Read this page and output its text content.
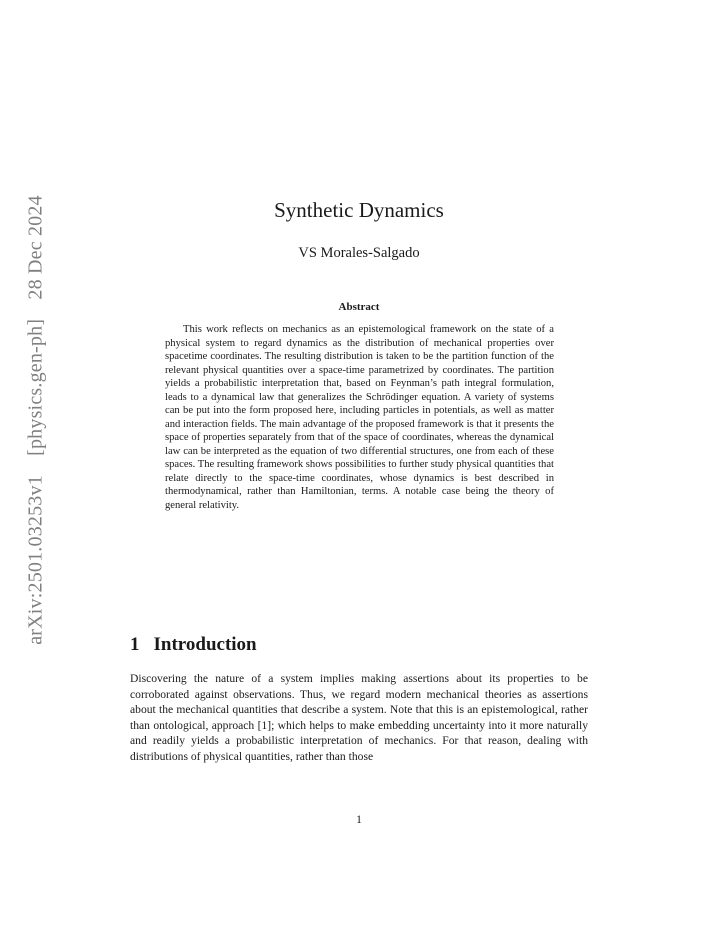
arXiv:2501.03253v1 [physics.gen-ph] 28 Dec 2024	Synthetic Dynamics
VS Morales-Salgado
Abstract

This work reflects on mechanics as an epistemological framework on the state of a physical system to regard dynamics as the distribution of mechanical properties over spacetime coordinates. The resulting distribution is taken to be the partition function of the relevant physical quantities over a space-time parametrized by coordinates. The partition yields a probabilistic interpretation that, based on Feynman’s path integral formulation, leads to a dynamical law that generalizes the Schrödinger equation. A variety of systems can be put into the form proposed here, including particles in potentials, as well as matter and interaction fields. The main advantage of the proposed framework is that it presents the space of properties separately from that of the space of coordinates, whereas the dynamical law can be interpreted as the equation of two differential structures, one from each of these spaces. The resulting framework shows possibilities to further study physical quantities that relate directly to the space-time coordinates, whose dynamics is best described in thermodynamical, rather than Hamiltonian, terms. A notable case being the theory of general relativity.

1 Introduction

Discovering the nature of a system implies making assertions about its properties to be corroborated against observations. Thus, we regard modern mechanical theories as assertions about the mechanical quantities that describe a system. Note that this is an epistemological, rather than ontological, approach [1]; which helps to make embedding uncertainty into it more naturally and readily yields a probabilistic interpretation of mechanics. For that reason, dealing with distributions of physical quantities, rather than those

1
